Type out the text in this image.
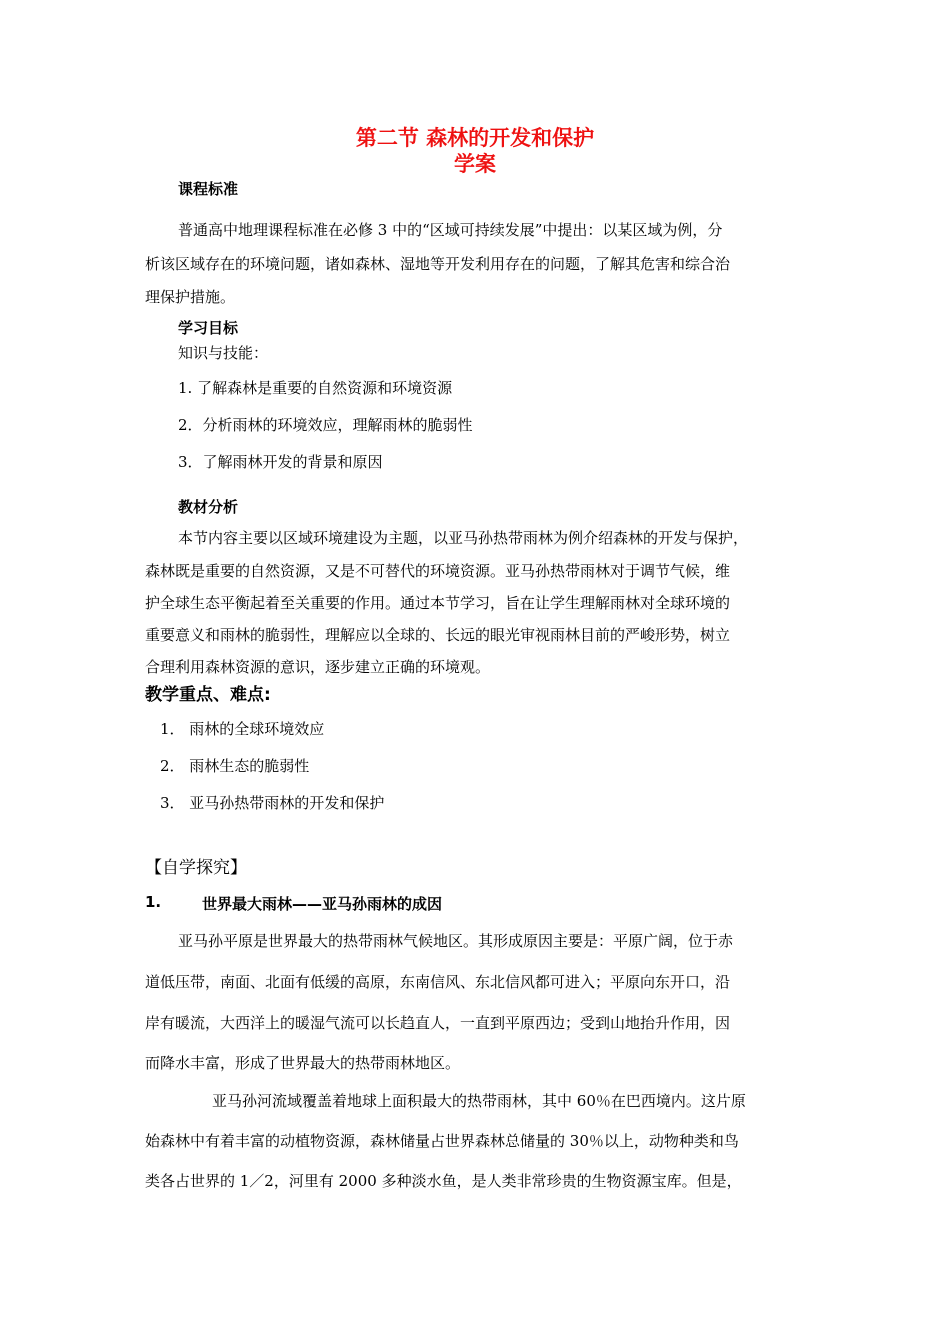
第二节 森林的开发和保护
学案
课程标准
普通高中地理课程标准在必修 3 中的“区域可持续发展”中提出：以某区域为例，分
析该区域存在的环境问题，诸如森林、湿地等开发利用存在的问题，了解其危害和综合治
理保护措施。
学习目标
知识与技能：
1. 了解森林是重要的自然资源和环境资源
2．分析雨林的环境效应，理解雨林的脆弱性
3．了解雨林开发的背景和原因
教材分析
本节内容主要以区域环境建设为主题，以亚马孙热带雨林为例介绍森林的开发与保护，
森林既是重要的自然资源，又是不可替代的环境资源。亚马孙热带雨林对于调节气候，维
护全球生态平衡起着至关重要的作用。通过本节学习，旨在让学生理解雨林对全球环境的
重要意义和雨林的脆弱性，理解应以全球的、长远的眼光审视雨林目前的严峻形势，树立
合理利用森林资源的意识，逐步建立正确的环境观。
教学重点、难点:
1． 雨林的全球环境效应
2． 雨林生态的脆弱性
3． 亚马孙热带雨林的开发和保护
【自学探究】
1.	世界最大雨林——亚马孙雨林的成因
亚马孙平原是世界最大的热带雨林气候地区。其形成原因主要是：平原广阔，位于赤
道低压带，南面、北面有低缓的高原，东南信风、东北信风都可进入；平原向东开口，沿
岸有暖流，大西洋上的暖湿气流可以长趋直人，一直到平原西边；受到山地抬升作用，因
而降水丰富，形成了世界最大的热带雨林地区。
亚马孙河流域覆盖着地球上面积最大的热带雨林，其中 60％在巴西境内。这片原
始森林中有着丰富的动植物资源，森林储量占世界森林总储量的 30％以上，动物种类和鸟
类各占世界的 1／2，河里有 2000 多种淡水鱼，是人类非常珍贵的生物资源宝库。但是，
